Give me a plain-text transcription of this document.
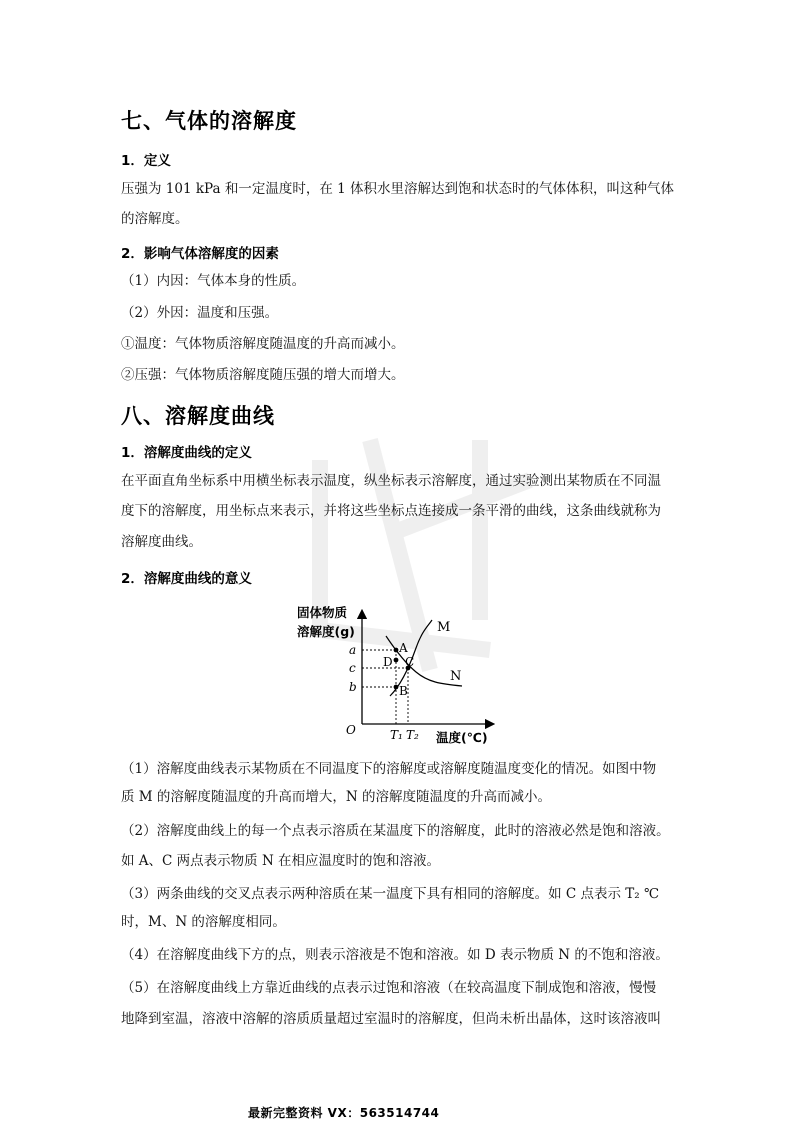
七、气体的溶解度
1．定义
压强为 101 kPa 和一定温度时，在 1 体积水里溶解达到饱和状态时的气体体积，叫这种气体
的溶解度。
2．影响气体溶解度的因素
（1）内因：气体本身的性质。
（2）外因：温度和压强。
①温度：气体物质溶解度随温度的升高而减小。
②压强：气体物质溶解度随压强的增大而增大。
八、溶解度曲线
1．溶解度曲线的定义
在平面直角坐标系中用横坐标表示温度，纵坐标表示溶解度，通过实验测出某物质在不同温
度下的溶解度，用坐标点来表示，并将这些坐标点连接成一条平滑的曲线，这条曲线就称为
溶解度曲线。
2．溶解度曲线的意义
固体物质
溶解度(g)
A
D C
B
M
N
a
c
b
O	T₁ T₂ 温度(℃)
（1）溶解度曲线表示某物质在不同温度下的溶解度或溶解度随温度变化的情况。如图中物
质 M 的溶解度随温度的升高而增大，N 的溶解度随温度的升高而减小。
（2）溶解度曲线上的每一个点表示溶质在某温度下的溶解度，此时的溶液必然是饱和溶液。
如 A、C 两点表示物质 N 在相应温度时的饱和溶液。
（3）两条曲线的交叉点表示两种溶质在某一温度下具有相同的溶解度。如 C 点表示 T₂ ℃
时，M、N 的溶解度相同。
（4）在溶解度曲线下方的点，则表示溶液是不饱和溶液。如 D 表示物质 N 的不饱和溶液。
（5）在溶解度曲线上方靠近曲线的点表示过饱和溶液（在较高温度下制成饱和溶液，慢慢
地降到室温，溶液中溶解的溶质质量超过室温时的溶解度，但尚未析出晶体，这时该溶液叫
最新完整资料 VX：563514744
